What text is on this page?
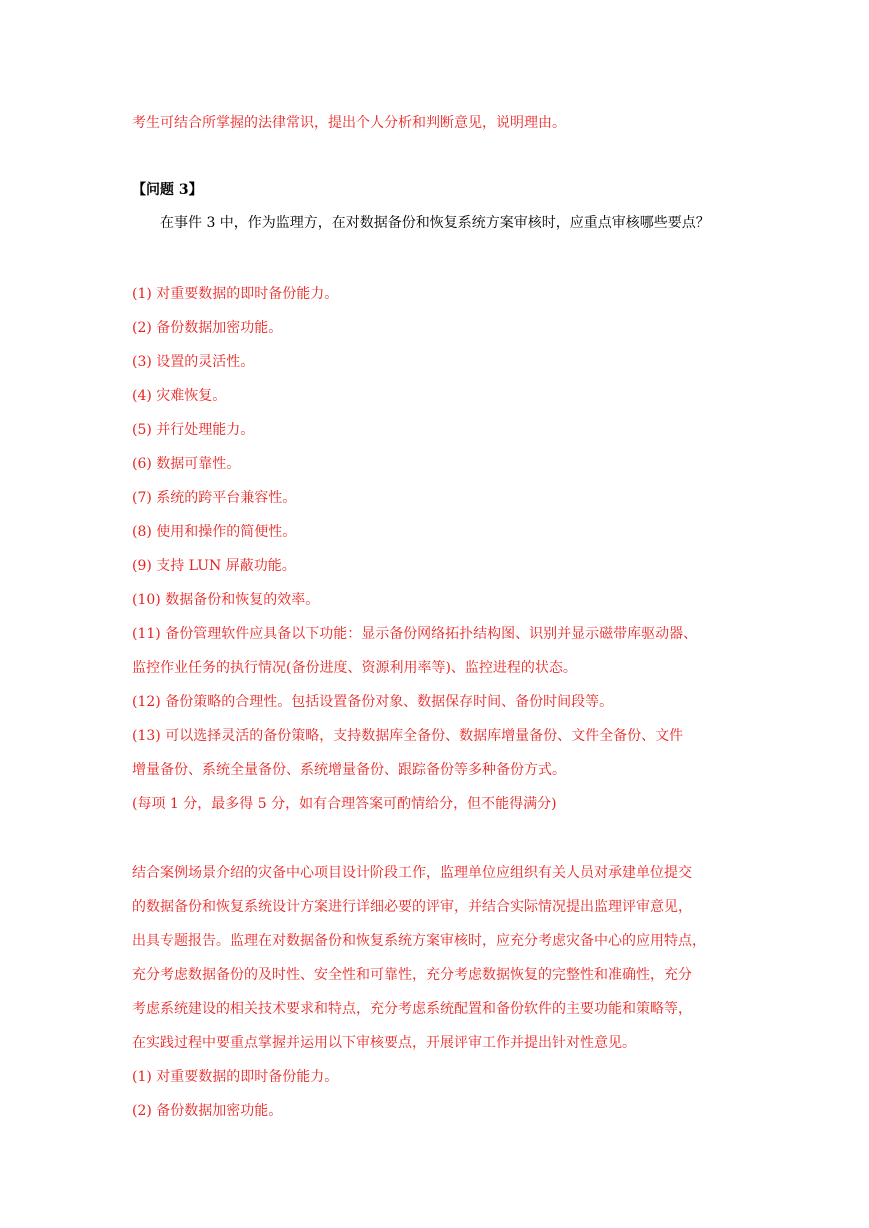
考生可结合所掌握的法律常识，提出个人分析和判断意见，说明理由。
【问题 3】
在事件 3 中，作为监理方，在对数据备份和恢复系统方案审核时，应重点审核哪些要点？
(1) 对重要数据的即时备份能力。
(2) 备份数据加密功能。
(3) 设置的灵活性。
(4) 灾难恢复。
(5) 并行处理能力。
(6) 数据可靠性。
(7) 系统的跨平台兼容性。
(8) 使用和操作的简便性。
(9) 支持 LUN 屏蔽功能。
(10) 数据备份和恢复的效率。
(11) 备份管理软件应具备以下功能：显示备份网络拓扑结构图、识别并显示磁带库驱动器、
监控作业任务的执行情况(备份进度、资源利用率等)、监控进程的状态。
(12) 备份策略的合理性。包括设置备份对象、数据保存时间、备份时间段等。
(13) 可以选择灵活的备份策略，支持数据库全备份、数据库增量备份、文件全备份、文件
增量备份、系统全量备份、系统增量备份、跟踪备份等多种备份方式。
(每项 1 分，最多得 5 分，如有合理答案可酌情给分，但不能得满分)
结合案例场景介绍的灾备中心项目设计阶段工作，监理单位应组织有关人员对承建单位提交
的数据备份和恢复系统设计方案进行详细必要的评审，并结合实际情况提出监理评审意见，
出具专题报告。监理在对数据备份和恢复系统方案审核时，应充分考虑灾备中心的应用特点，
充分考虑数据备份的及时性、安全性和可靠性，充分考虑数据恢复的完整性和准确性，充分
考虑系统建设的相关技术要求和特点，充分考虑系统配置和备份软件的主要功能和策略等，
在实践过程中要重点掌握并运用以下审核要点，开展评审工作并提出针对性意见。
(1) 对重要数据的即时备份能力。
(2) 备份数据加密功能。
